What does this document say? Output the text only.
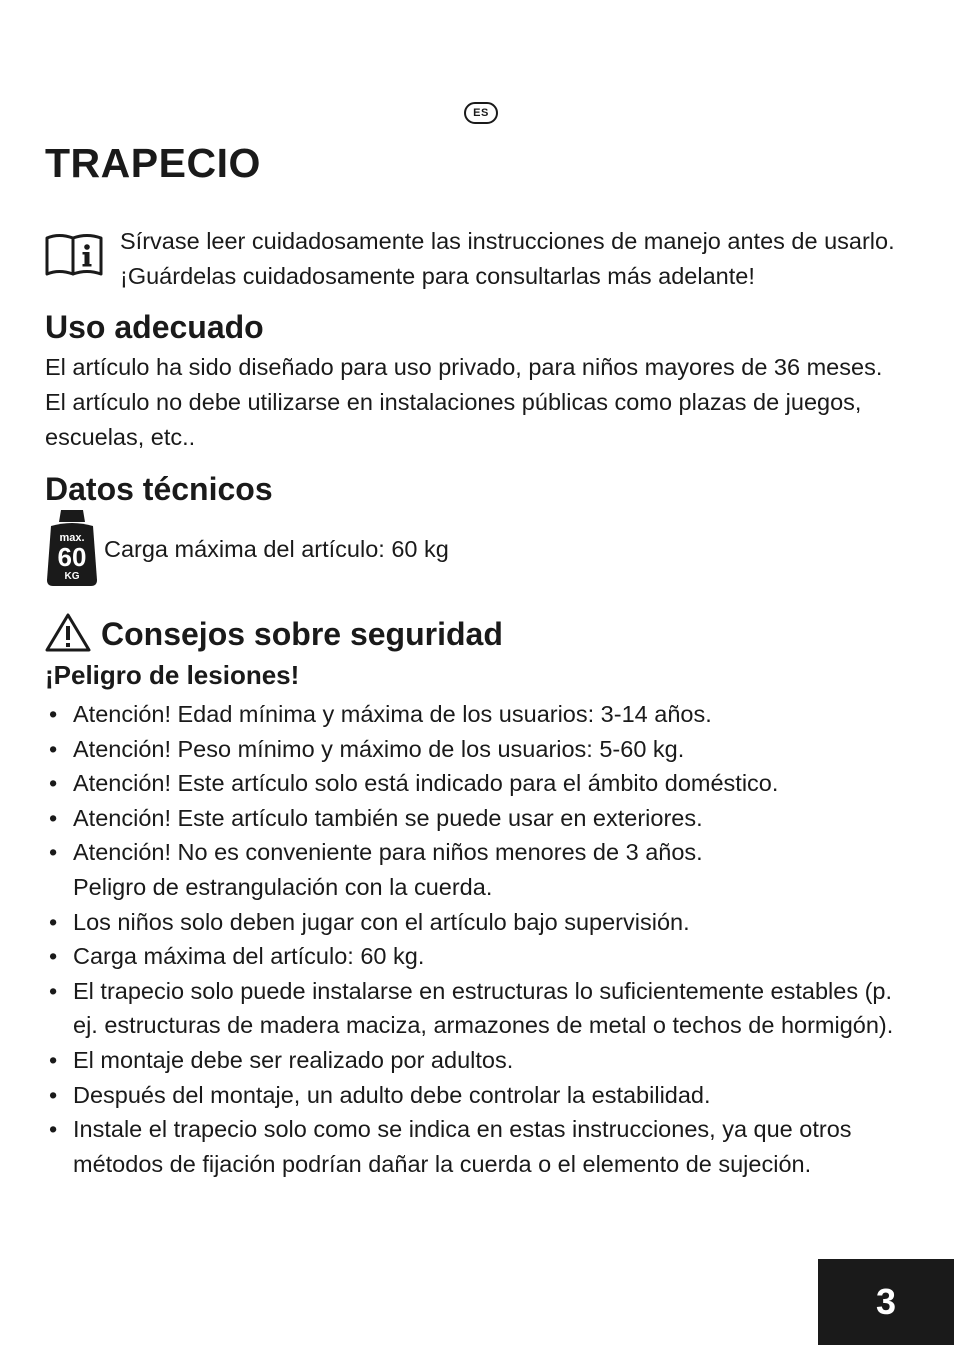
ES
TRAPECIO
Sírvase leer cuidadosamente las instrucciones de manejo antes de usarlo. ¡Guárdelas cuidadosamente para consultarlas más adelante!
Uso adecuado

El artículo ha sido diseñado para uso privado, para niños mayores de 36 meses. El artículo no debe utilizarse en instalaciones públicas como plazas de juegos, escuelas, etc..

Datos técnicos
max.
60
KG
Carga máxima del artículo: 60 kg
Consejos sobre seguridad
¡Peligro de lesiones!
• Atención! Edad mínima y máxima de los usuarios: 3-14 años.
• Atención! Peso mínimo y máximo de los usuarios: 5-60 kg.
• Atención! Este artículo solo está indicado para el ámbito doméstico.
• Atención! Este artículo también se puede usar en exteriores.
• Atención! No es conveniente para niños menores de 3 años. Peligro de estrangulación con la cuerda.
• Los niños solo deben jugar con el artículo bajo supervisión.
• Carga máxima del artículo: 60 kg.
• El trapecio solo puede instalarse en estructuras lo suficientemente estables (p. ej. estructuras de madera maciza, armazones de metal o techos de hormigón).
• El montaje debe ser realizado por adultos.
• Después del montaje, un adulto debe controlar la estabilidad.
• Instale el trapecio solo como se indica en estas instrucciones, ya que otros métodos de fijación podrían dañar la cuerda o el elemento de sujeción.
3
